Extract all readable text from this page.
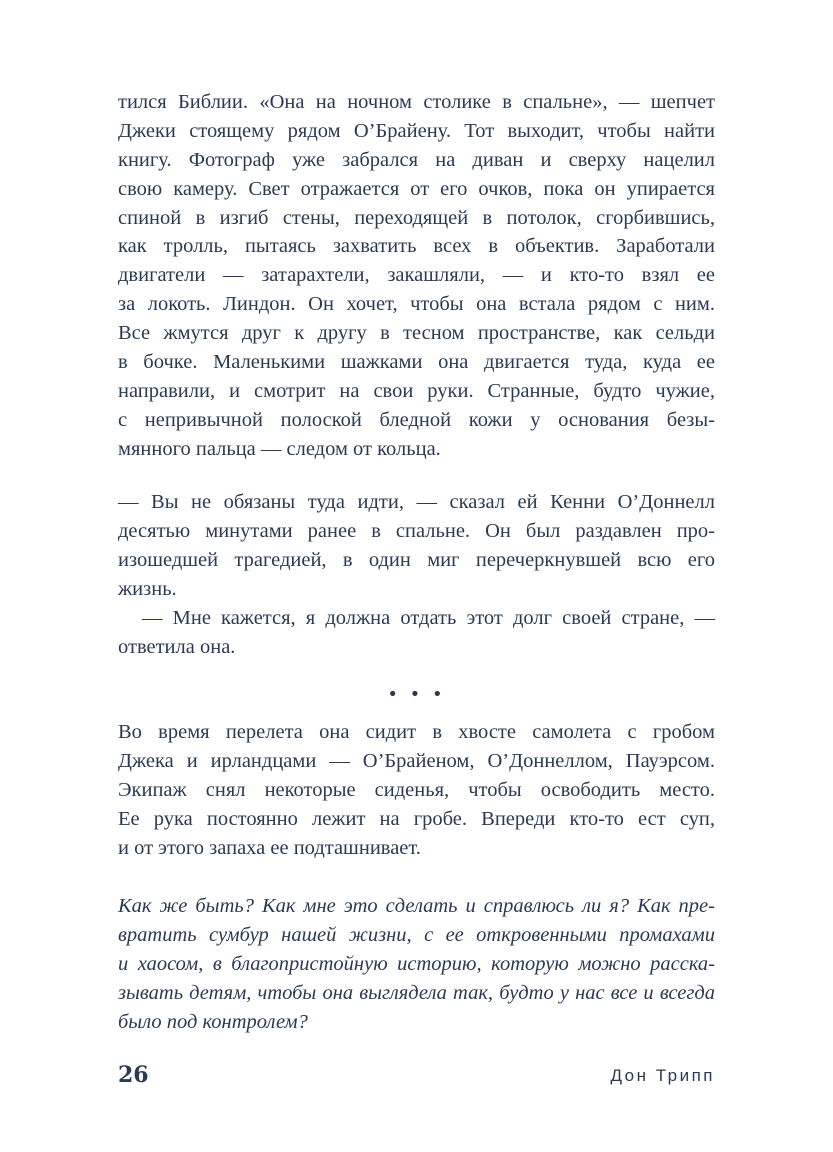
тился Библии. «Она на ночном столике в спальне», — шепчет
Джеки стоящему рядом О’Брайену. Тот выходит, чтобы найти
книгу. Фотограф уже забрался на диван и сверху нацелил
свою камеру. Свет отражается от его очков, пока он упирается
спиной в изгиб стены, переходящей в потолок, сгорбившись,
как тролль, пытаясь захватить всех в объектив. Заработали
двигатели — затарахтели, закашляли, — и кто-то взял ее
за локоть. Линдон. Он хочет, чтобы она встала рядом с ним.
Все жмутся друг к другу в тесном пространстве, как сельди
в бочке. Маленькими шажками она двигается туда, куда ее
направили, и смотрит на свои руки. Странные, будто чужие,
с непривычной полоской бледной кожи у основания безы-
мянного пальца — следом от кольца.
— Вы не обязаны туда идти, — сказал ей Кенни О’Доннелл
десятью минутами ранее в спальне. Он был раздавлен про-
изошедшей трагедией, в один миг перечеркнувшей всю его
жизнь.
— Мне кажется, я должна отдать этот долг своей стране, —
ответила она.
• • •
Во время перелета она сидит в хвосте самолета с гробом
Джека и ирландцами — О’Брайеном, О’Доннеллом, Пауэрсом.
Экипаж снял некоторые сиденья, чтобы освободить место.
Ее рука постоянно лежит на гробе. Впереди кто-то ест суп,
и от этого запаха ее подташнивает.
Как же быть? Как мне это сделать и справлюсь ли я? Как пре-
вратить сумбур нашей жизни, с ее откровенными промахами
и хаосом, в благопристойную историю, которую можно расска-
зывать детям, чтобы она выглядела так, будто у нас все и всегда
было под контролем?
26	Дон Трипп
